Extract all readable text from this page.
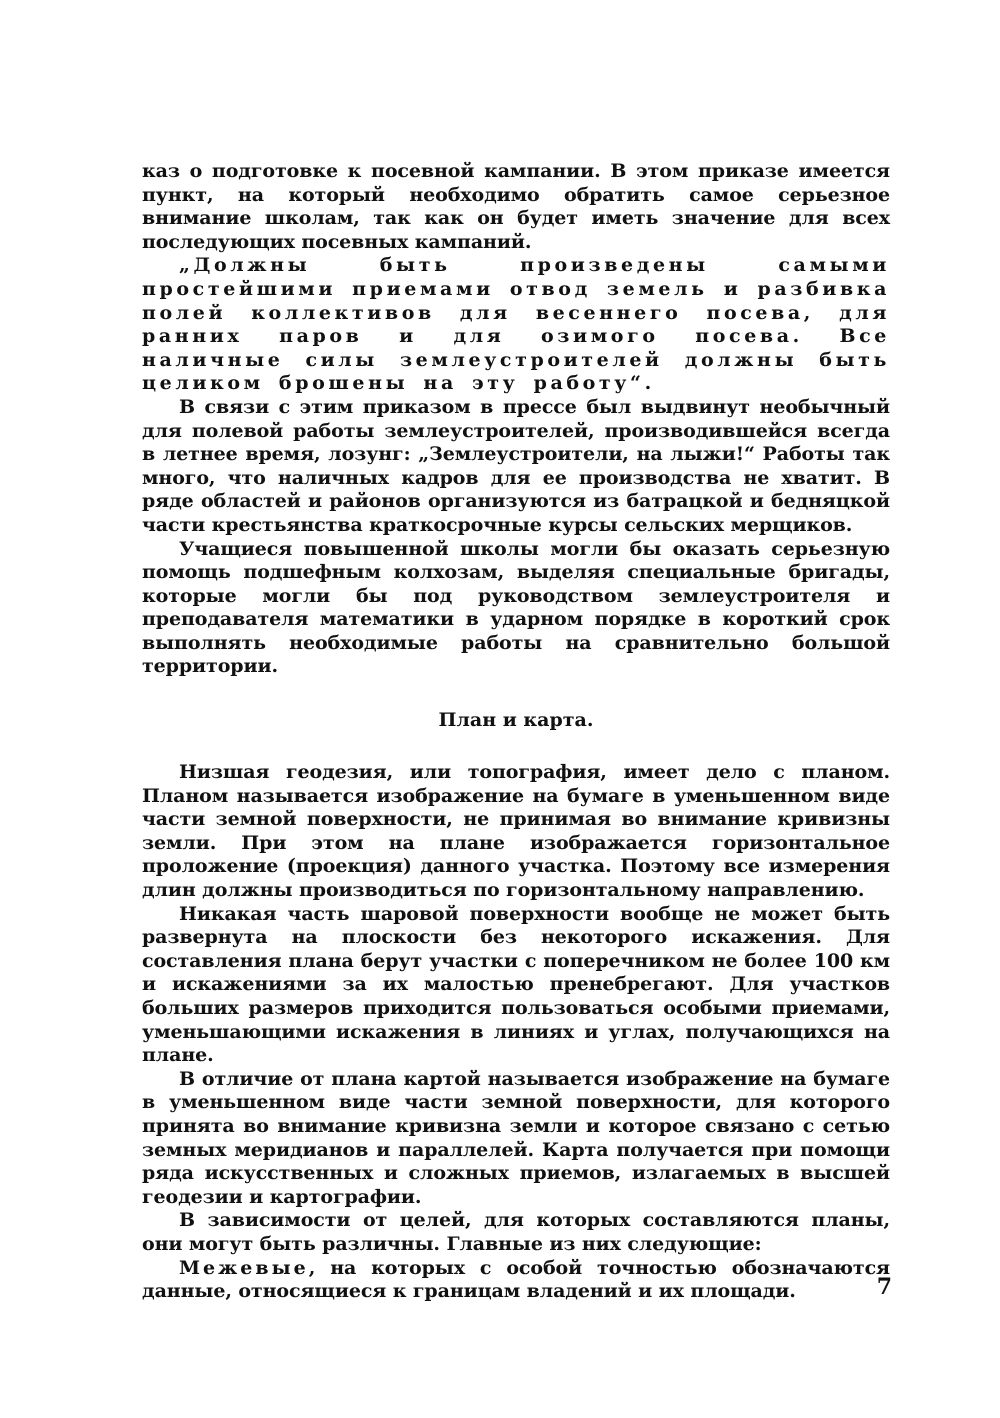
каз о подготовке к посевной кампании. В этом приказе имеется пункт, на который необходимо обратить самое серьезное внимание школам, так как он будет иметь значение для всех последующих посевных кампаний.

„Должны быть произведены самыми простейшими приемами отвод земель и разбивка полей коллективов для весеннего посева, для ранних паров и для озимого посева. Все наличные силы землеустроителей должны быть целиком брошены на эту работу“.

В связи с этим приказом в прессе был выдвинут необычный для полевой работы землеустроителей, производившейся всегда в летнее время, лозунг: „Землеустроители, на лыжи!“ Работы так много, что наличных кадров для ее производства не хватит. В ряде областей и районов организуются из батрацкой и бедняцкой части крестьянства краткосрочные курсы сельских мерщиков.

Учащиеся повышенной школы могли бы оказать серьезную помощь подшефным колхозам, выделяя специальные бригады, которые могли бы под руководством землеустроителя и преподавателя математики в ударном порядке в короткий срок выполнять необходимые работы на сравнительно большой территории.

План и карта.

Низшая геодезия, или топография, имеет дело с планом. Планом называется изображение на бумаге в уменьшенном виде части земной поверхности, не принимая во внимание кривизны земли. При этом на плане изображается горизонтальное проложение (проекция) данного участка. Поэтому все измерения длин должны производиться по горизонтальному направлению.

Никакая часть шаровой поверхности вообще не может быть развернута на плоскости без некоторого искажения. Для составления плана берут участки с поперечником не более 100 км и искажениями за их малостью пренебрегают. Для участков больших размеров приходится пользоваться особыми приемами, уменьшающими искажения в линиях и углах, получающихся на плане.

В отличие от плана картой называется изображение на бумаге в уменьшенном виде части земной поверхности, для которого принята во внимание кривизна земли и которое связано с сетью земных меридианов и параллелей. Карта получается при помощи ряда искусственных и сложных приемов, излагаемых в высшей геодезии и картографии.

В зависимости от целей, для которых составляются планы, они могут быть различны. Главные из них следующие:

Межевые, на которых с особой точностью обозначаются данные, относящиеся к границам владений и их площади.	7
